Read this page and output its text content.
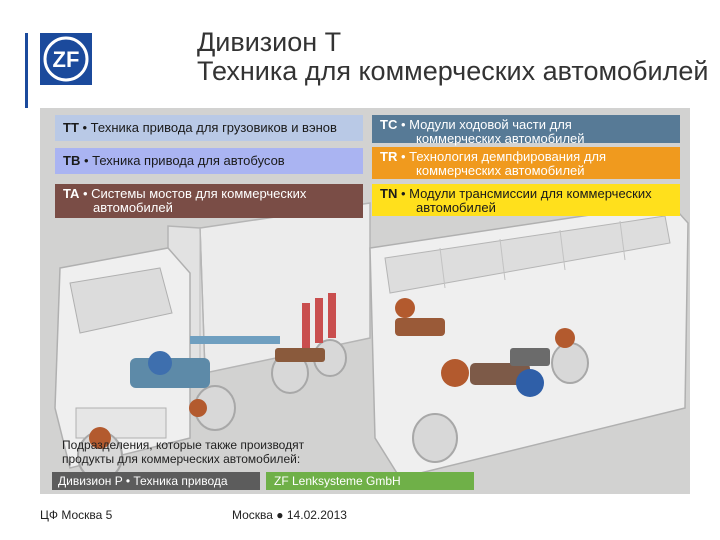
ZF
Дивизион T
Техника для коммерческих автомобилей
TT • Техника привода для грузовиков и вэнов
TB • Техника привода для автобусов
TA • Системы мостов для коммерческих
автомобилей
TC • Модули ходовой части для
коммерческих автомобилей
TR • Технология демпфирования для
коммерческих автомобилей
TN • Модули трансмиссии для коммерческих
автомобилей
Подразделения, которые также производят
продукты для коммерческих автомобилей:
Дивизион P • Техника привода	ZF Lenksysteme GmbH
ЦФ Москва 5	Москва ● 14.02.2013
